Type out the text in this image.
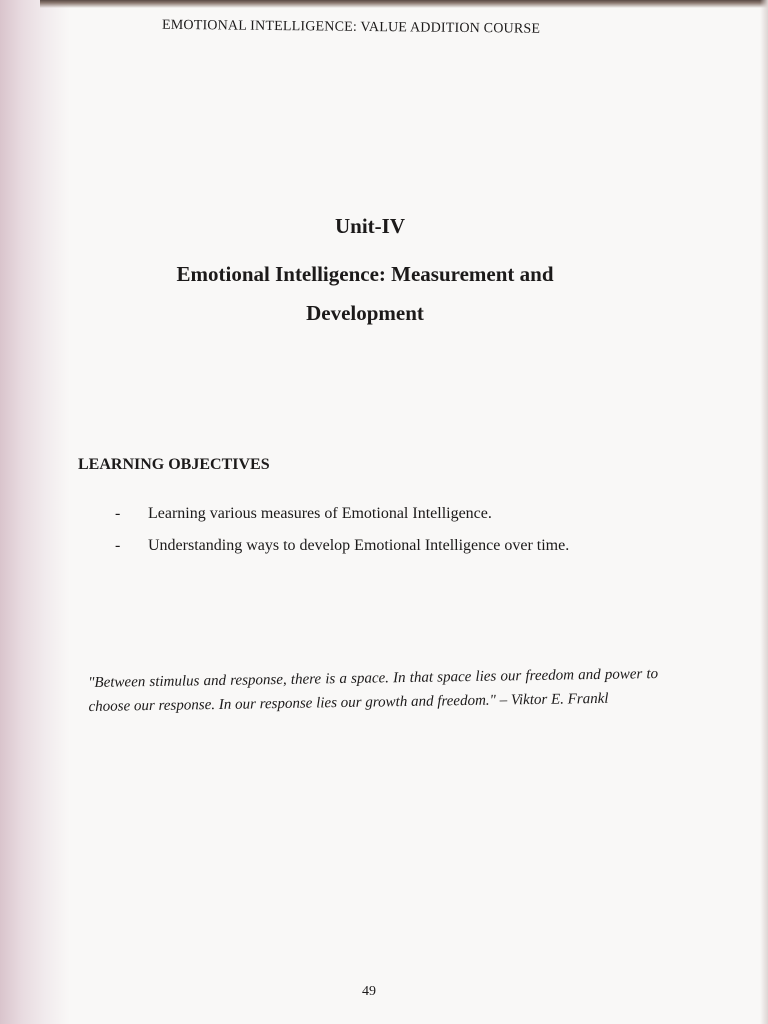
EMOTIONAL INTELLIGENCE: VALUE ADDITION COURSE
Unit-IV
Emotional Intelligence: Measurement and Development
LEARNING OBJECTIVES
-	Learning various measures of Emotional Intelligence.
-	Understanding ways to develop Emotional Intelligence over time.
"Between stimulus and response, there is a space. In that space lies our freedom and power to choose our response. In our response lies our growth and freedom." – Viktor E. Frankl
49
